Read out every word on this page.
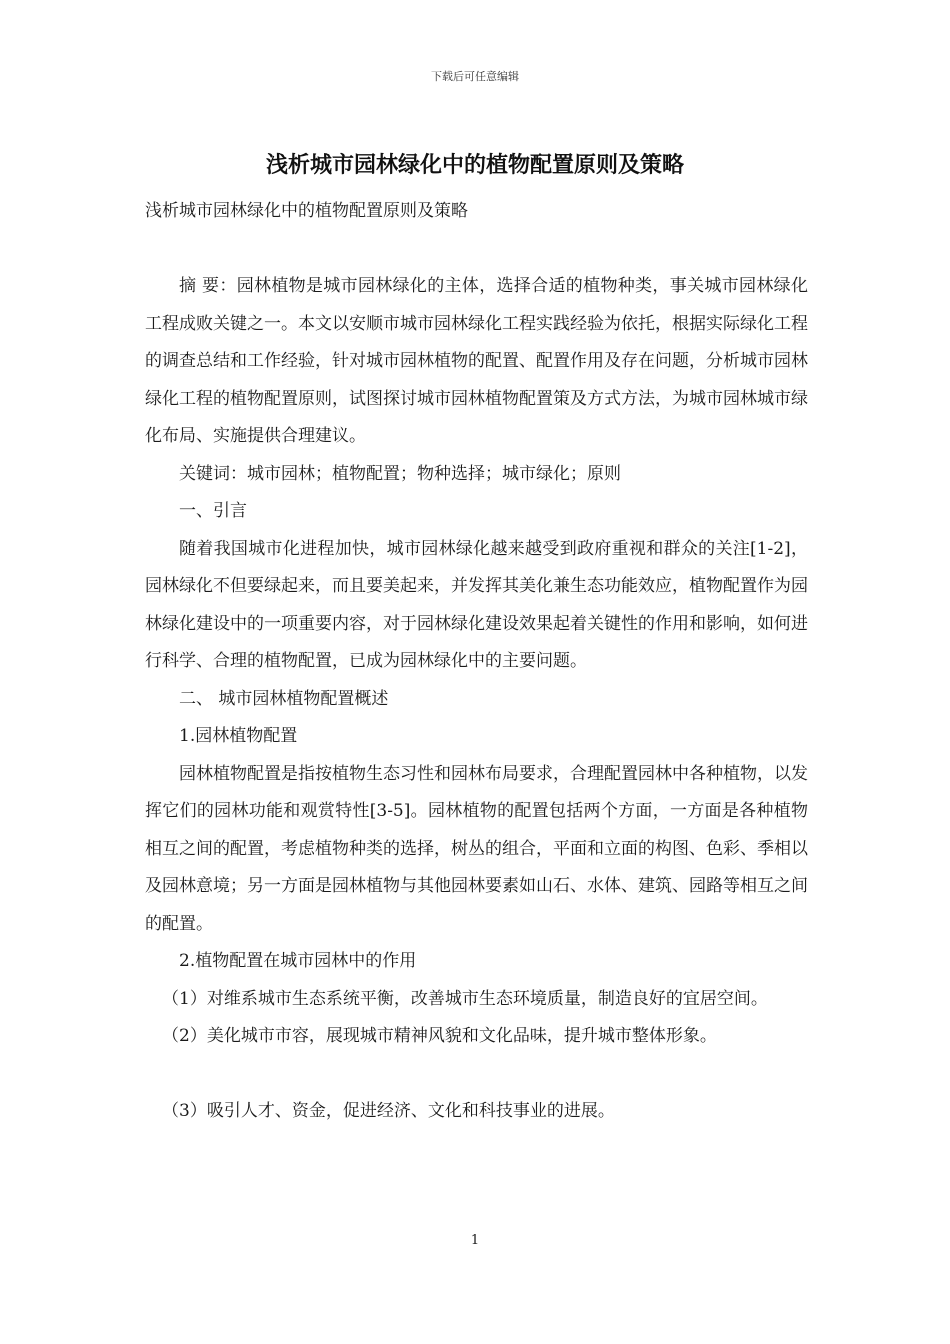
下载后可任意编辑
浅析城市园林绿化中的植物配置原则及策略
浅析城市园林绿化中的植物配置原则及策略

摘 要：园林植物是城市园林绿化的主体，选择合适的植物种类，事关城市园林绿化工程成败关键之一。本文以安顺市城市园林绿化工程实践经验为依托，根据实际绿化工程的调查总结和工作经验，针对城市园林植物的配置、配置作用及存在问题，分析城市园林绿化工程的植物配置原则，试图探讨城市园林植物配置策及方式方法，为城市园林城市绿化布局、实施提供合理建议。

关键词：城市园林；植物配置；物种选择；城市绿化；原则

一、引言

随着我国城市化进程加快，城市园林绿化越来越受到政府重视和群众的关注[1-2]，园林绿化不但要绿起来，而且要美起来，并发挥其美化兼生态功能效应，植物配置作为园林绿化建设中的一项重要内容，对于园林绿化建设效果起着关键性的作用和影响，如何进行科学、合理的植物配置，已成为园林绿化中的主要问题。

二、 城市园林植物配置概述

1.园林植物配置

园林植物配置是指按植物生态习性和园林布局要求，合理配置园林中各种植物，以发挥它们的园林功能和观赏特性[3-5]。园林植物的配置包括两个方面，一方面是各种植物相互之间的配置，考虑植物种类的选择，树丛的组合，平面和立面的构图、色彩、季相以及园林意境；另一方面是园林植物与其他园林要素如山石、水体、建筑、园路等相互之间的配置。

2.植物配置在城市园林中的作用

（1）对维系城市生态系统平衡，改善城市生态环境质量，制造良好的宜居空间。

（2）美化城市市容，展现城市精神风貌和文化品味，提升城市整体形象。

（3）吸引人才、资金，促进经济、文化和科技事业的进展。

1
